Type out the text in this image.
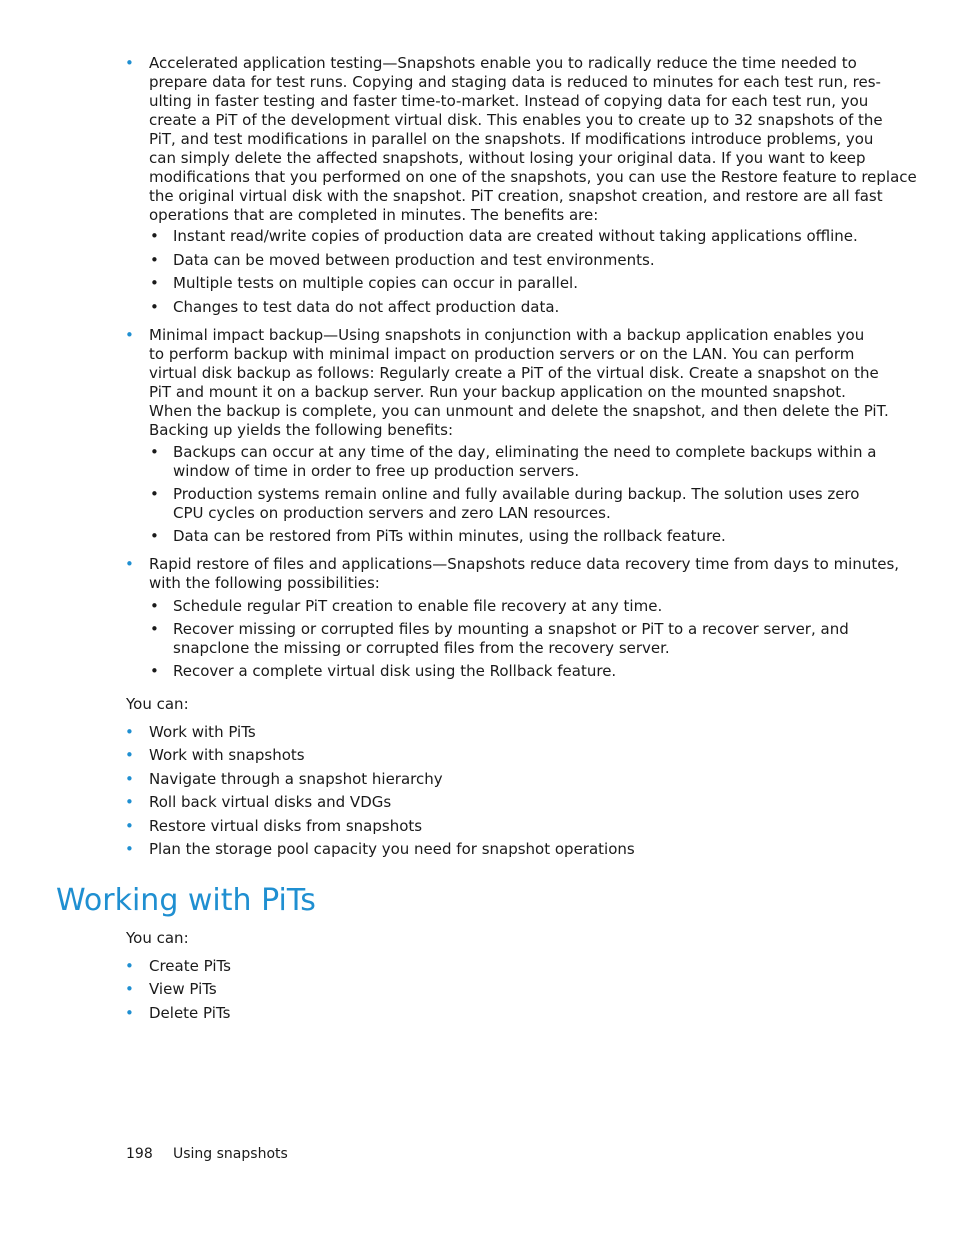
• Accelerated application testing—Snapshots enable you to radically reduce the time needed to
prepare data for test runs. Copying and staging data is reduced to minutes for each test run, res-
ulting in faster testing and faster time-to-market. Instead of copying data for each test run, you
create a PiT of the development virtual disk. This enables you to create up to 32 snapshots of the
PiT, and test modifications in parallel on the snapshots. If modifications introduce problems, you
can simply delete the affected snapshots, without losing your original data. If you want to keep
modifications that you performed on one of the snapshots, you can use the Restore feature to replace
the original virtual disk with the snapshot. PiT creation, snapshot creation, and restore are all fast
operations that are completed in minutes. The benefits are:
• Instant read/write copies of production data are created without taking applications offline.
• Data can be moved between production and test environments.
• Multiple tests on multiple copies can occur in parallel.
• Changes to test data do not affect production data.
• Minimal impact backup—Using snapshots in conjunction with a backup application enables you
to perform backup with minimal impact on production servers or on the LAN. You can perform
virtual disk backup as follows: Regularly create a PiT of the virtual disk. Create a snapshot on the
PiT and mount it on a backup server. Run your backup application on the mounted snapshot.
When the backup is complete, you can unmount and delete the snapshot, and then delete the PiT.
Backing up yields the following benefits:
• Backups can occur at any time of the day, eliminating the need to complete backups within a
window of time in order to free up production servers.
• Production systems remain online and fully available during backup. The solution uses zero
CPU cycles on production servers and zero LAN resources.
• Data can be restored from PiTs within minutes, using the rollback feature.
• Rapid restore of files and applications—Snapshots reduce data recovery time from days to minutes,
with the following possibilities:
• Schedule regular PiT creation to enable file recovery at any time.
• Recover missing or corrupted files by mounting a snapshot or PiT to a recover server, and
snapclone the missing or corrupted files from the recovery server.
• Recover a complete virtual disk using the Rollback feature.
You can:
• Work with PiTs
• Work with snapshots
• Navigate through a snapshot hierarchy
• Roll back virtual disks and VDGs
• Restore virtual disks from snapshots
• Plan the storage pool capacity you need for snapshot operations
Working with PiTs
You can:
• Create PiTs
• View PiTs
• Delete PiTs
198 Using snapshots
